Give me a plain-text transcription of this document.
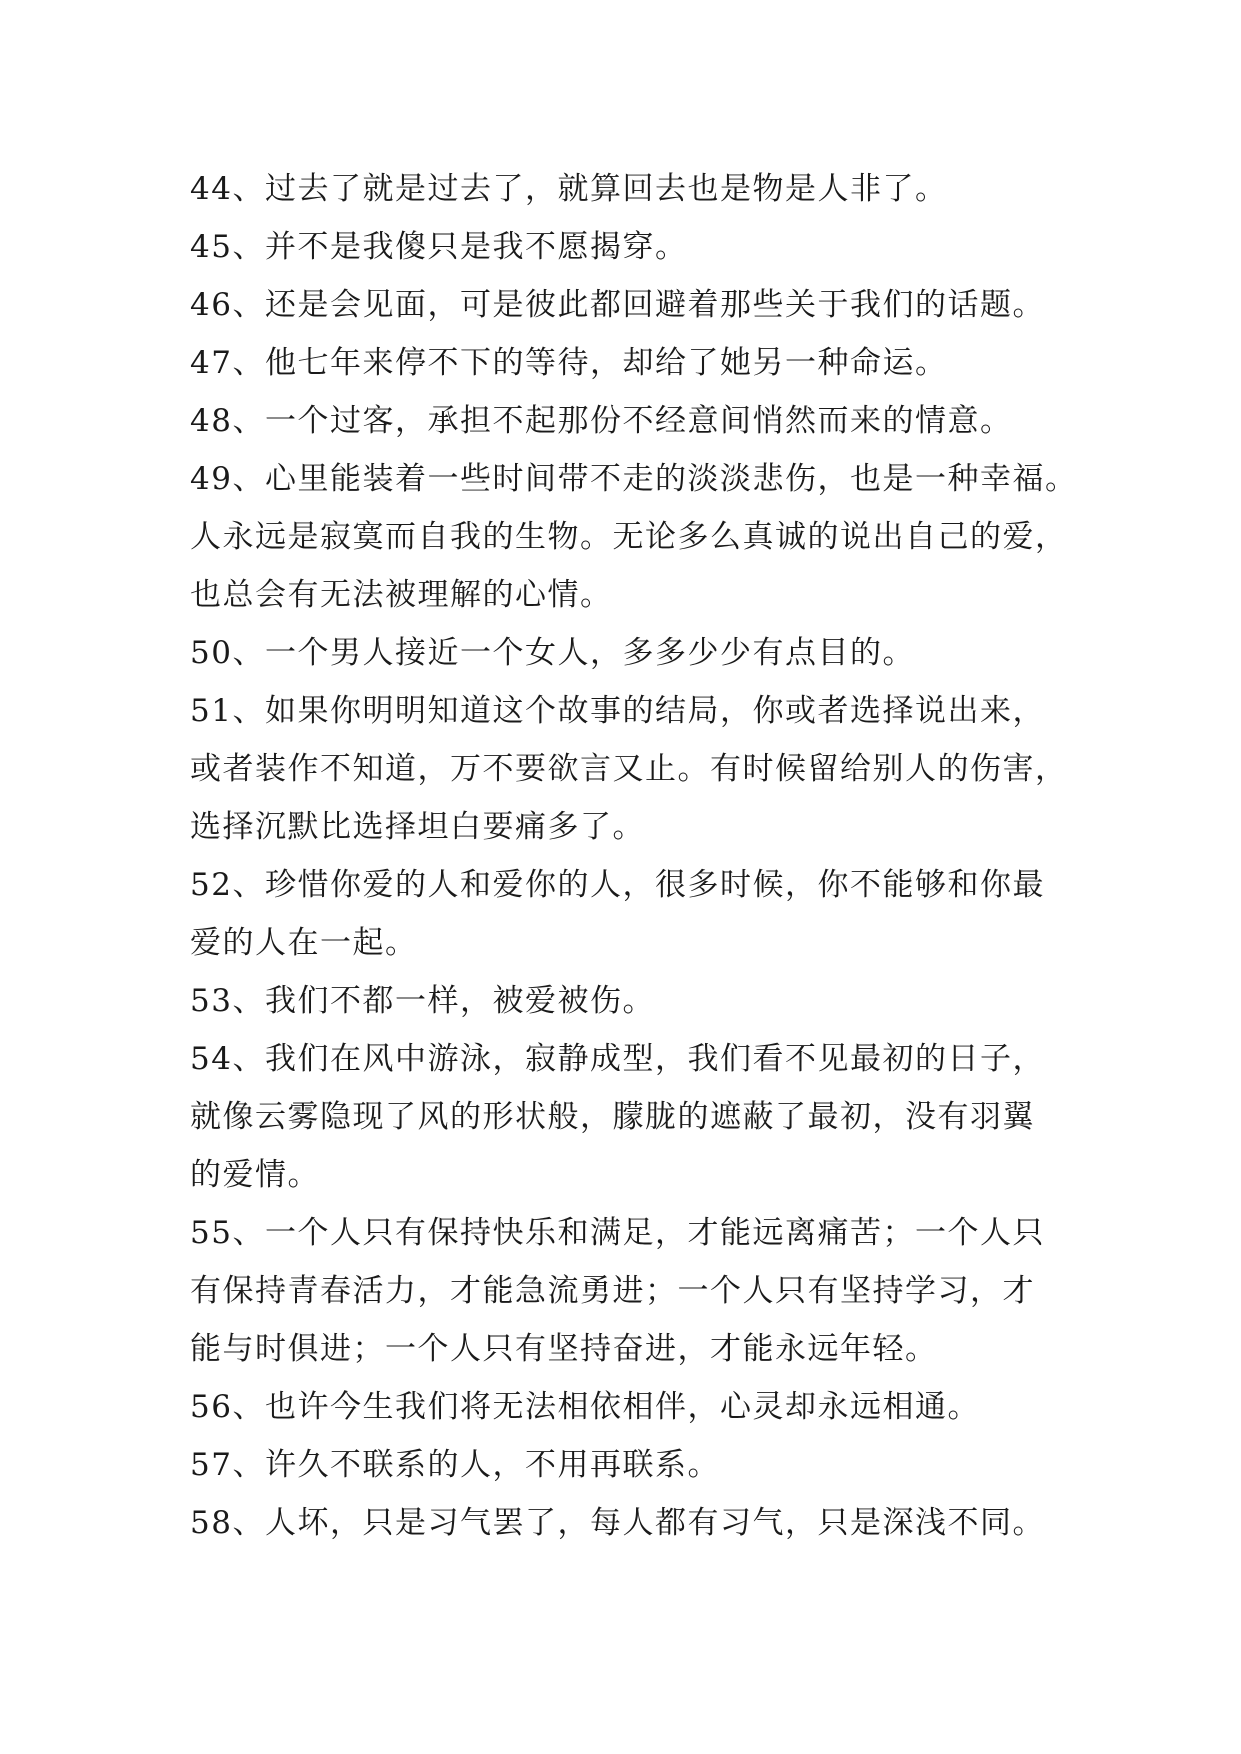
44、过去了就是过去了，就算回去也是物是人非了。
45、并不是我傻只是我不愿揭穿。
46、还是会见面，可是彼此都回避着那些关于我们的话题。
47、他七年来停不下的等待，却给了她另一种命运。
48、一个过客，承担不起那份不经意间悄然而来的情意。
49、心里能装着一些时间带不走的淡淡悲伤，也是一种幸福。
人永远是寂寞而自我的生物。无论多么真诚的说出自己的爱，
也总会有无法被理解的心情。
50、一个男人接近一个女人，多多少少有点目的。
51、如果你明明知道这个故事的结局，你或者选择说出来，
或者装作不知道，万不要欲言又止。有时候留给别人的伤害，
选择沉默比选择坦白要痛多了。
52、珍惜你爱的人和爱你的人，很多时候，你不能够和你最
爱的人在一起。
53、我们不都一样，被爱被伤。
54、我们在风中游泳，寂静成型，我们看不见最初的日子，
就像云雾隐现了风的形状般，朦胧的遮蔽了最初，没有羽翼
的爱情。
55、一个人只有保持快乐和满足，才能远离痛苦；一个人只
有保持青春活力，才能急流勇进；一个人只有坚持学习，才
能与时俱进；一个人只有坚持奋进，才能永远年轻。
56、也许今生我们将无法相依相伴，心灵却永远相通。
57、许久不联系的人，不用再联系。
58、人坏，只是习气罢了，每人都有习气，只是深浅不同。
